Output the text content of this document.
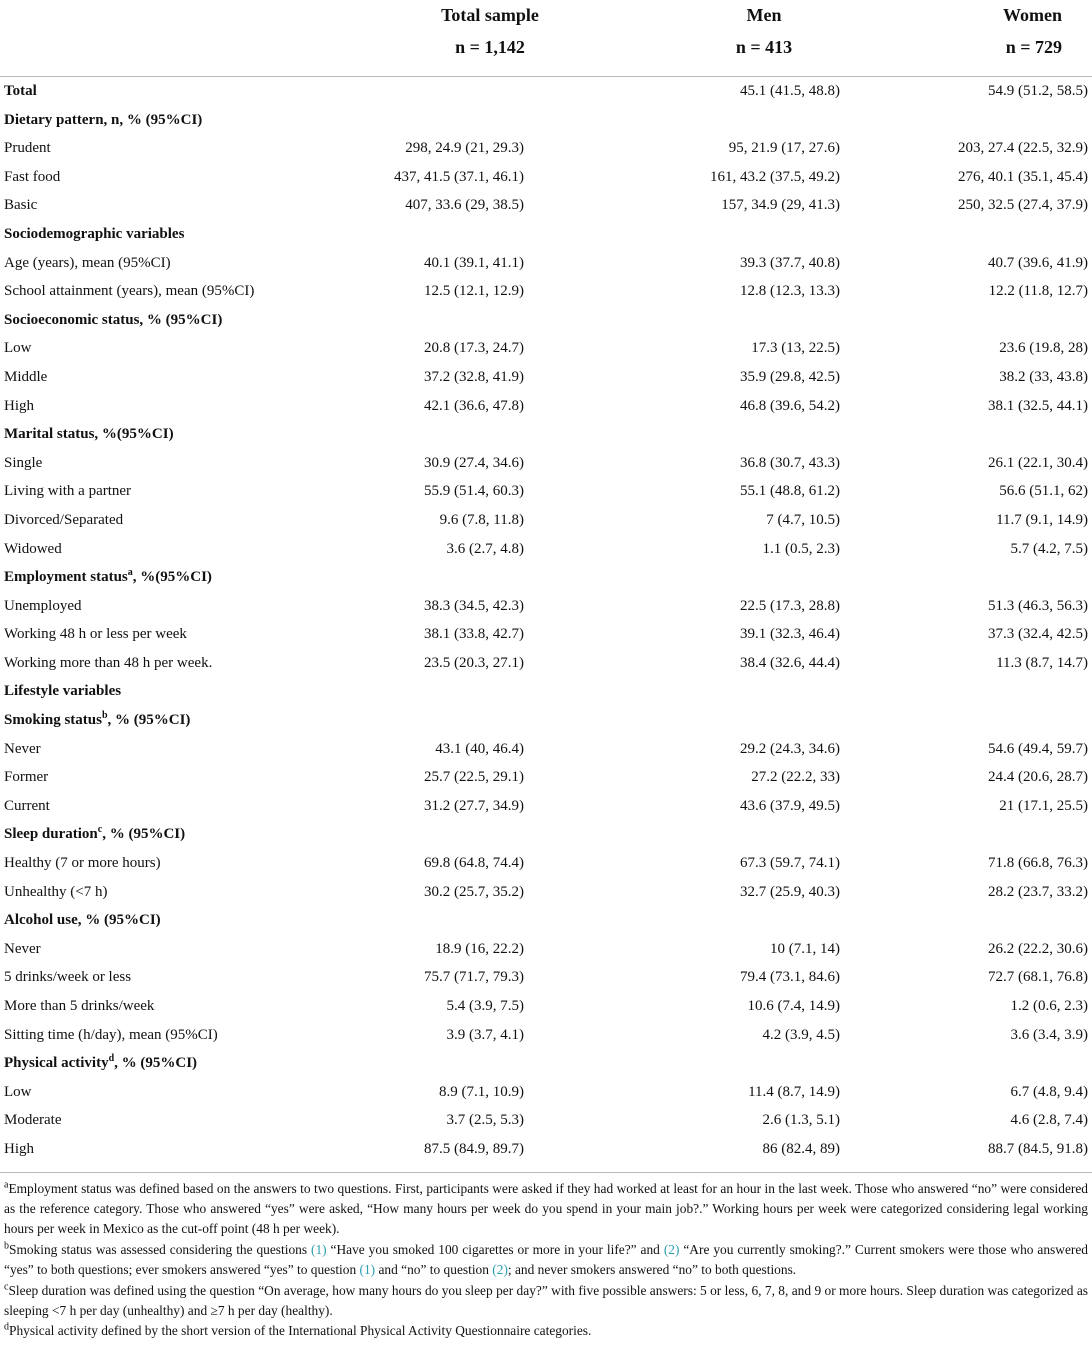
	Total sample	Men	Women
	n = 1,142	n = 413	n = 729

Total		45.1 (41.5, 48.8)	54.9 (51.2, 58.5)
Dietary pattern, n, % (95%CI)			
Prudent	298, 24.9 (21, 29.3)	95, 21.9 (17, 27.6)	203, 27.4 (22.5, 32.9)
Fast food	437, 41.5 (37.1, 46.1)	161, 43.2 (37.5, 49.2)	276, 40.1 (35.1, 45.4)
Basic	407, 33.6 (29, 38.5)	157, 34.9 (29, 41.3)	250, 32.5 (27.4, 37.9)
Sociodemographic variables			
Age (years), mean (95%CI)	40.1 (39.1, 41.1)	39.3 (37.7, 40.8)	40.7 (39.6, 41.9)
School attainment (years), mean (95%CI)	12.5 (12.1, 12.9)	12.8 (12.3, 13.3)	12.2 (11.8, 12.7)
Socioeconomic status, % (95%CI)			
Low	20.8 (17.3, 24.7)	17.3 (13, 22.5)	23.6 (19.8, 28)
Middle	37.2 (32.8, 41.9)	35.9 (29.8, 42.5)	38.2 (33, 43.8)
High	42.1 (36.6, 47.8)	46.8 (39.6, 54.2)	38.1 (32.5, 44.1)
Marital status, %(95%CI)			
Single	30.9 (27.4, 34.6)	36.8 (30.7, 43.3)	26.1 (22.1, 30.4)
Living with a partner	55.9 (51.4, 60.3)	55.1 (48.8, 61.2)	56.6 (51.1, 62)
Divorced/Separated	9.6 (7.8, 11.8)	7 (4.7, 10.5)	11.7 (9.1, 14.9)
Widowed	3.6 (2.7, 4.8)	1.1 (0.5, 2.3)	5.7 (4.2, 7.5)
Employment status$^a$, %(95%CI)			
Unemployed	38.3 (34.5, 42.3)	22.5 (17.3, 28.8)	51.3 (46.3, 56.3)
Working 48 h or less per week	38.1 (33.8, 42.7)	39.1 (32.3, 46.4)	37.3 (32.4, 42.5)
Working more than 48 h per week.	23.5 (20.3, 27.1)	38.4 (32.6, 44.4)	11.3 (8.7, 14.7)
Lifestyle variables			
Smoking status$^b$, % (95%CI)			
Never	43.1 (40, 46.4)	29.2 (24.3, 34.6)	54.6 (49.4, 59.7)
Former	25.7 (22.5, 29.1)	27.2 (22.2, 33)	24.4 (20.6, 28.7)
Current	31.2 (27.7, 34.9)	43.6 (37.9, 49.5)	21 (17.1, 25.5)
Sleep duration$^c$, % (95%CI)			
Healthy (7 or more hours)	69.8 (64.8, 74.4)	67.3 (59.7, 74.1)	71.8 (66.8, 76.3)
Unhealthy (<7 h)	30.2 (25.7, 35.2)	32.7 (25.9, 40.3)	28.2 (23.7, 33.2)
Alcohol use, % (95%CI)			
Never	18.9 (16, 22.2)	10 (7.1, 14)	26.2 (22.2, 30.6)
5 drinks/week or less	75.7 (71.7, 79.3)	79.4 (73.1, 84.6)	72.7 (68.1, 76.8)
More than 5 drinks/week	5.4 (3.9, 7.5)	10.6 (7.4, 14.9)	1.2 (0.6, 2.3)
Sitting time (h/day), mean (95%CI)	3.9 (3.7, 4.1)	4.2 (3.9, 4.5)	3.6 (3.4, 3.9)
Physical activity$^d$, % (95%CI)			
Low	8.9 (7.1, 10.9)	11.4 (8.7, 14.9)	6.7 (4.8, 9.4)
Moderate	3.7 (2.5, 5.3)	2.6 (1.3, 5.1)	4.6 (2.8, 7.4)
High	87.5 (84.9, 89.7)	86 (82.4, 89)	88.7 (84.5, 91.8)

$^a$Employment status was defined based on the answers to two questions. First, participants were asked if they had worked at least for an hour in the last week. Those who answered “no” were considered as the reference category. Those who answered “yes” were asked, “How many hours per week do you spend in your main job?.” Working hours per week were categorized considering legal working hours per week in Mexico as the cut-off point (48 h per week).

$^b$Smoking status was assessed considering the questions (1) “Have you smoked 100 cigarettes or more in your life?” and (2) “Are you currently smoking?.” Current smokers were those who answered “yes” to both questions; ever smokers answered “yes” to question (1) and “no” to question (2); and never smokers answered “no” to both questions.

$^c$Sleep duration was defined using the question “On average, how many hours do you sleep per day?” with five possible answers: 5 or less, 6, 7, 8, and 9 or more hours. Sleep duration was categorized as sleeping <7 h per day (unhealthy) and ≥7 h per day (healthy).

$^d$Physical activity defined by the short version of the International Physical Activity Questionnaire categories.
